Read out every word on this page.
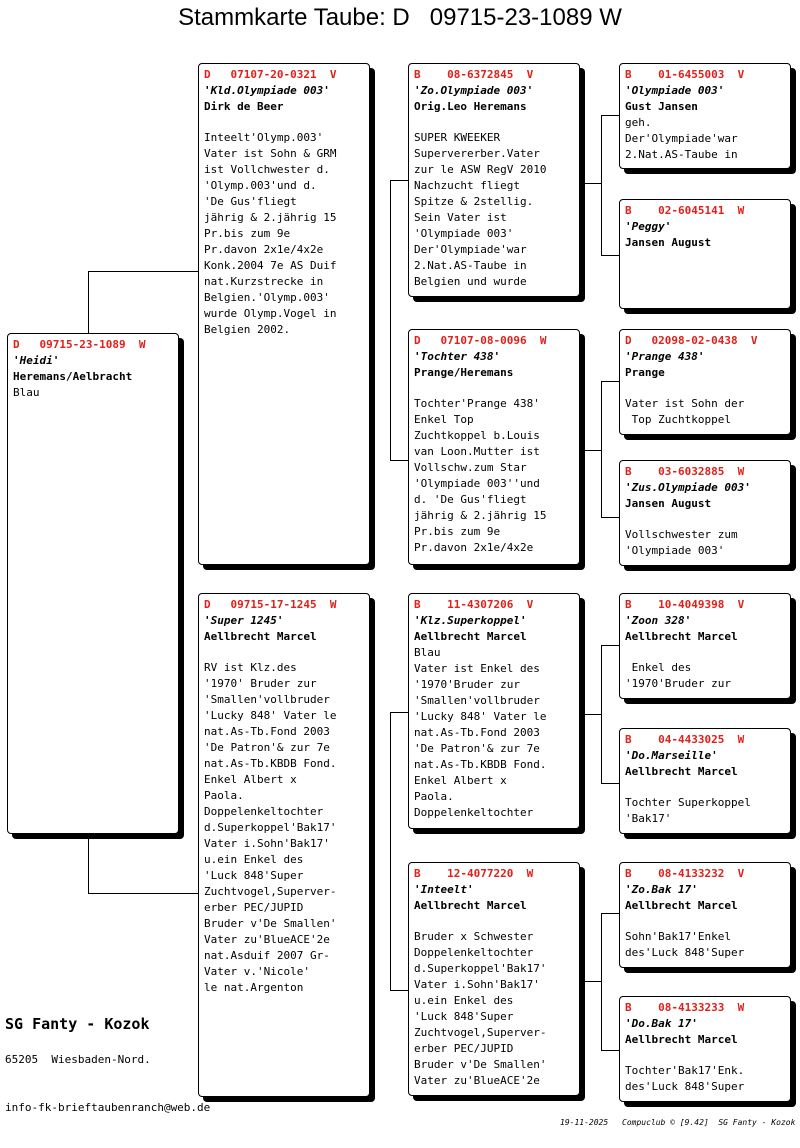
Stammkarte Taube: D   09715-23-1089 W
D   09715-23-1089  W
'Heidi'
Heremans/Aelbracht
Blau
D   07107-20-0321  V
'Kld.Olympiade 003'
Dirk de Beer
Inteelt'Olymp.003'
Vater ist Sohn & GRM
ist Vollchwester d.
'Olymp.003'und d.
'De Gus'fliegt
jährig & 2.jährig 15
Pr.bis zum 9e
Pr.davon 2x1e/4x2e
Konk.2004 7e AS Duif
nat.Kurzstrecke in
Belgien.'Olymp.003'
wurde Olymp.Vogel in
Belgien 2002.
D   09715-17-1245  W
'Super 1245'
Aellbrecht Marcel
RV ist Klz.des
'1970' Bruder zur
'Smallen'vollbruder
'Lucky 848' Vater le
nat.As-Tb.Fond 2003
'De Patron'& zur 7e
nat.As-Tb.KBDB Fond.
Enkel Albert x
Paola.
Doppelenkeltochter
d.Superkoppel'Bak17'
Vater i.Sohn'Bak17'
u.ein Enkel des
'Luck 848'Super
Zuchtvogel,Superver-
erber PEC/JUPID
Bruder v'De Smallen'
Vater zu'BlueACE'2e
nat.Asduif 2007 Gr-
Vater v.'Nicole'
le nat.Argenton
B    08-6372845  V
'Zo.Olympiade 003'
Orig.Leo Heremans
SUPER KWEEKER
Supervererber.Vater
zur le ASW RegV 2010
Nachzucht fliegt
Spitze & 2stellig.
Sein Vater ist
'Olympiade 003'
Der'Olympiade'war
2.Nat.AS-Taube in
Belgien und wurde
D   07107-08-0096  W
'Tochter 438'
Prange/Heremans
Tochter'Prange 438'
Enkel Top
Zuchtkoppel b.Louis
van Loon.Mutter ist
Vollschw.zum Star
'Olympiade 003''und
d. 'De Gus'fliegt
jährig & 2.jährig 15
Pr.bis zum 9e
Pr.davon 2x1e/4x2e
B    11-4307206  V
'Klz.Superkoppel'
Aellbrecht Marcel
Blau
Vater ist Enkel des
'1970'Bruder zur
'Smallen'vollbruder
'Lucky 848' Vater le
nat.As-Tb.Fond 2003
'De Patron'& zur 7e
nat.As-Tb.KBDB Fond.
Enkel Albert x
Paola.
Doppelenkeltochter
B    12-4077220  W
'Inteelt'
Aellbrecht Marcel
Bruder x Schwester
Doppelenkeltochter
d.Superkoppel'Bak17'
Vater i.Sohn'Bak17'
u.ein Enkel des
'Luck 848'Super
Zuchtvogel,Superver-
erber PEC/JUPID
Bruder v'De Smallen'
Vater zu'BlueACE'2e
B    01-6455003  V
'Olympiade 003'
Gust Jansen
geh.
Der'Olympiade'war
2.Nat.AS-Taube in
B    02-6045141  W
'Peggy'
Jansen August
D   02098-02-0438  V
'Prange 438'
Prange
Vater ist Sohn der
Top Zuchtkoppel
B    03-6032885  W
'Zus.Olympiade 003'
Jansen August
Vollschwester zum
'Olympiade 003'
B    10-4049398  V
'Zoon 328'
Aellbrecht Marcel
Enkel des
'1970'Bruder zur
B    04-4433025  W
'Do.Marseille'
Aellbrecht Marcel
Tochter Superkoppel
'Bak17'
B    08-4133232  V
'Zo.Bak 17'
Aellbrecht Marcel
Sohn'Bak17'Enkel
des'Luck 848'Super
B    08-4133233  W
'Do.Bak 17'
Aellbrecht Marcel
Tochter'Bak17'Enk.
des'Luck 848'Super
SG Fanty - Kozok
65205  Wiesbaden-Nord.
info-fk-brieftaubenranch@web.de
19-11-2025 Compuclub © [9.42]  SG Fanty - Kozok
